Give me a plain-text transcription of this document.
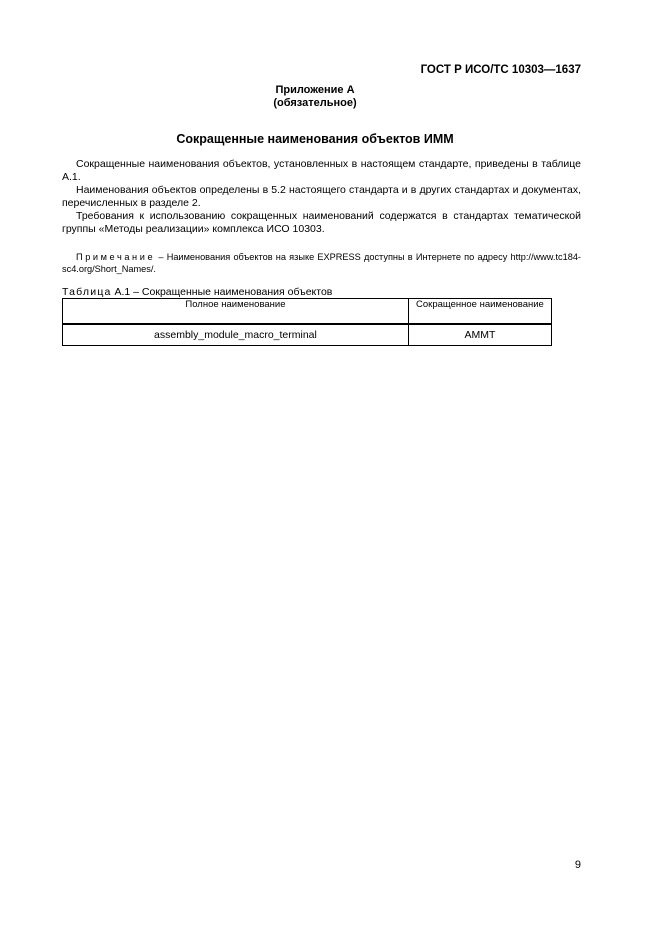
ГОСТ Р ИСО/ТС 10303—1637
Приложение А
(обязательное)
Сокращенные наименования объектов ИММ

Сокращенные наименования объектов, установленных в настоящем стандарте, приведены в таблице А.1.

Наименования объектов определены в 5.2 настоящего стандарта и в других стандартах и документах, перечисленных в разделе 2.

Требования к использованию сокращенных наименований содержатся в стандартах тематической группы «Методы реализации» комплекса ИСО 10303.

Примечание – Наименования объектов на языке EXPRESS доступны в Интернете по адресу http://www.tc184-sc4.org/Short_Names/.
Таблица А.1 – Сокращенные наименования объектов
Полное наименование	Сокращенное наименование
assembly_module_macro_terminal	AMMT
9
